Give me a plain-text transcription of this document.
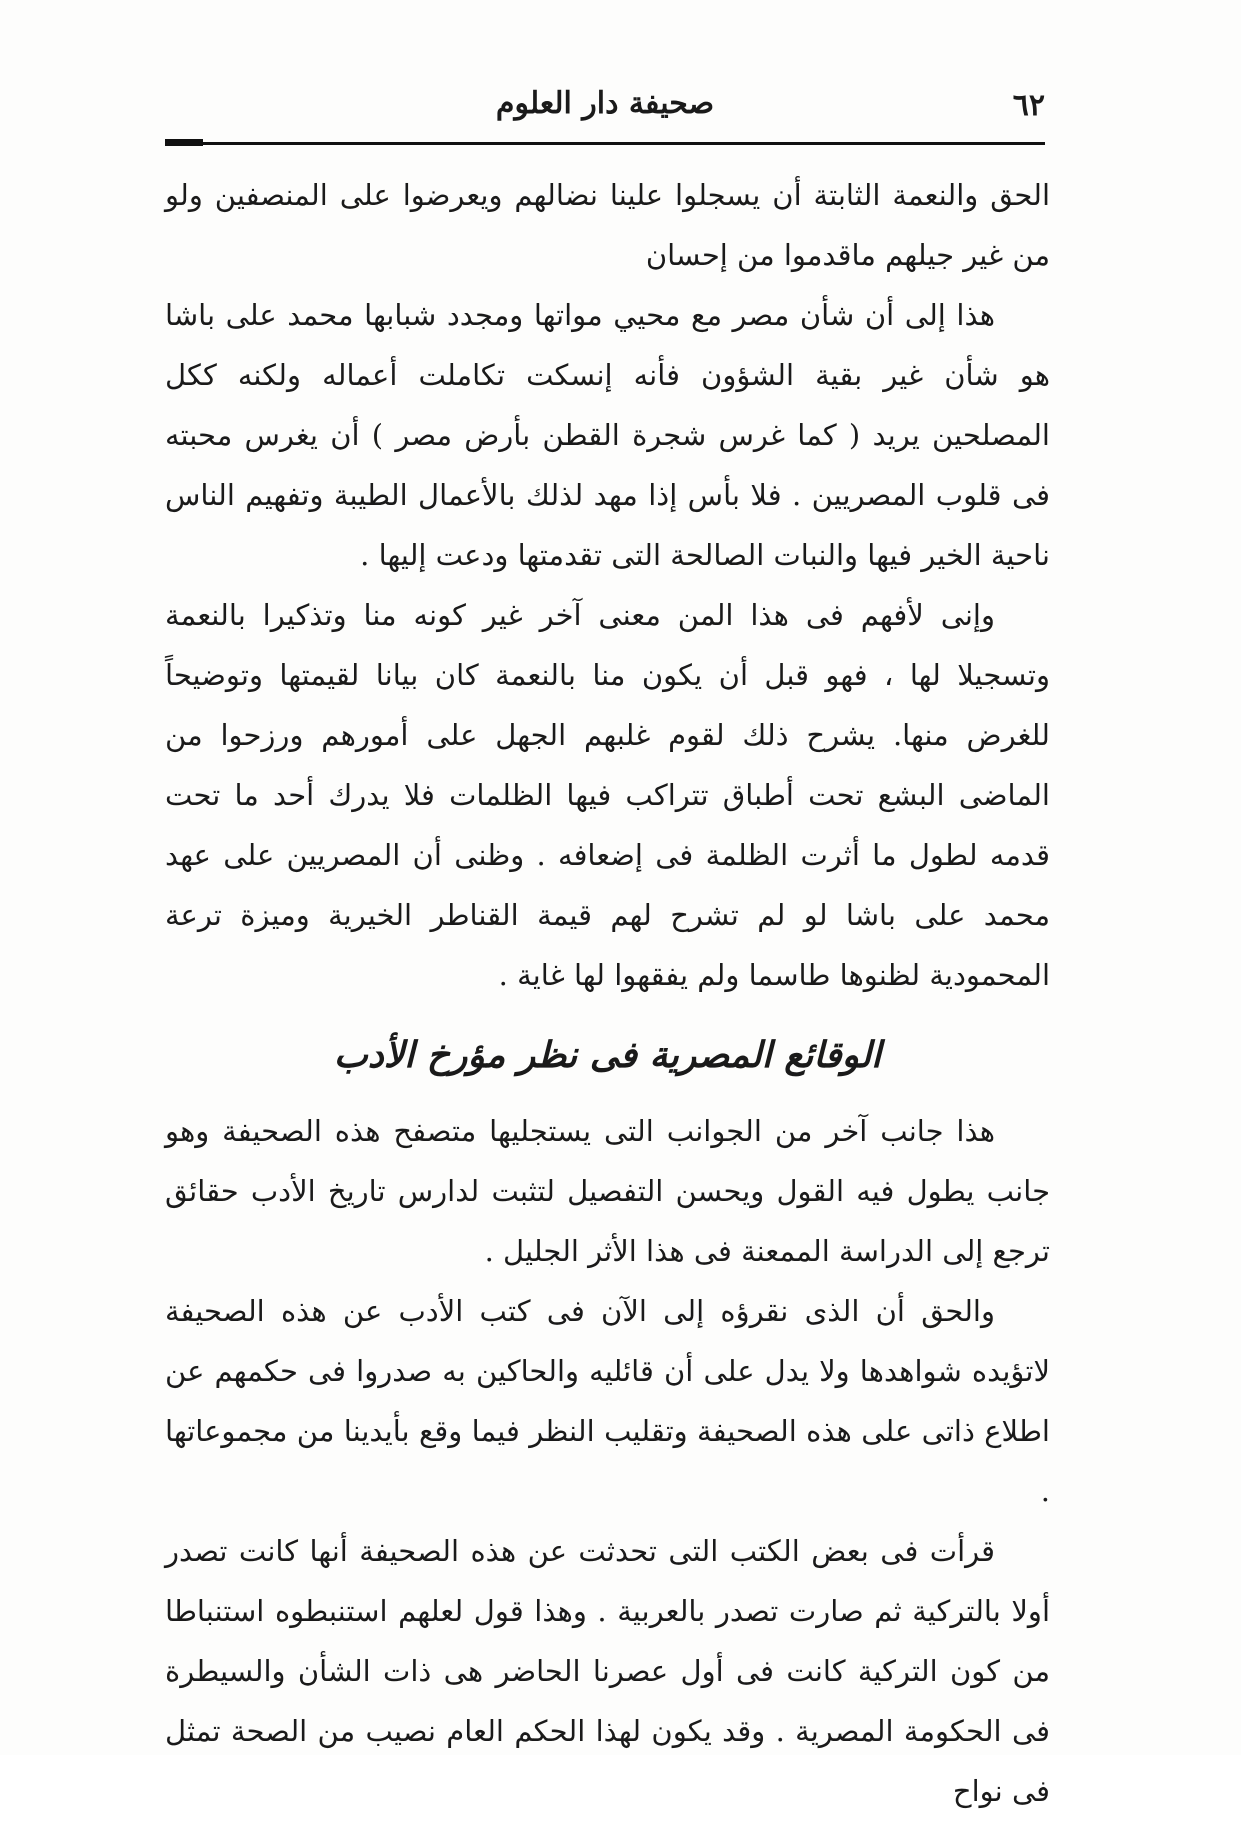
٦٢
صحيفة دار العلوم

الحق والنعمة الثابتة أن يسجلوا علينا نضالهم ويعرضوا على المنصفين ولو من غير جيلهم ماقدموا من إحسان

هذا إلى أن شأن مصر مع محيي مواتها ومجدد شبابها محمد على باشا هو شأن غير بقية الشؤون فأنه إنسكت تكاملت أعماله ولكنه ككل المصلحين يريد ( كما غرس شجرة القطن بأرض مصر ) أن يغرس محبته فى قلوب المصريين . فلا بأس إذا مهد لذلك بالأعمال الطيبة وتفهيم الناس ناحية الخير فيها والنبات الصالحة التى تقدمتها ودعت إليها .

وإنى لأفهم فى هذا المن معنى آخر غير كونه منا وتذكيرا بالنعمة وتسجيلا لها ، فهو قبل أن يكون منا بالنعمة كان بيانا لقيمتها وتوضيحاً للغرض منها. يشرح ذلك لقوم غلبهم الجهل على أمورهم ورزحوا من الماضى البشع تحت أطباق تتراكب فيها الظلمات فلا يدرك أحد ما تحت قدمه لطول ما أثرت الظلمة فى إضعافه . وظنى أن المصريين على عهد محمد على باشا لو لم تشرح لهم قيمة القناطر الخيرية وميزة ترعة المحمودية لظنوها طاسما ولم يفقهوا لها غاية .

الوقائع المصرية فى نظر مؤرخ الأدب

هذا جانب آخر من الجوانب التى يستجليها متصفح هذه الصحيفة وهو جانب يطول فيه القول ويحسن التفصيل لتثبت لدارس تاريخ الأدب حقائق ترجع إلى الدراسة الممعنة فى هذا الأثر الجليل .

والحق أن الذى نقرؤه إلى الآن فى كتب الأدب عن هذه الصحيفة لاتؤيده شواهدها ولا يدل على أن قائليه والحاكين به صدروا فى حكمهم عن اطلاع ذاتى على هذه الصحيفة وتقليب النظر فيما وقع بأيدينا من مجموعاتها .

قرأت فى بعض الكتب التى تحدثت عن هذه الصحيفة أنها كانت تصدر أولا بالتركية ثم صارت تصدر بالعربية . وهذا قول لعلهم استنبطوه استنباطا من كون التركية كانت فى أول عصرنا الحاضر هى ذات الشأن والسيطرة فى الحكومة المصرية . وقد يكون لهذا الحكم العام نصيب من الصحة تمثل فى نواح
